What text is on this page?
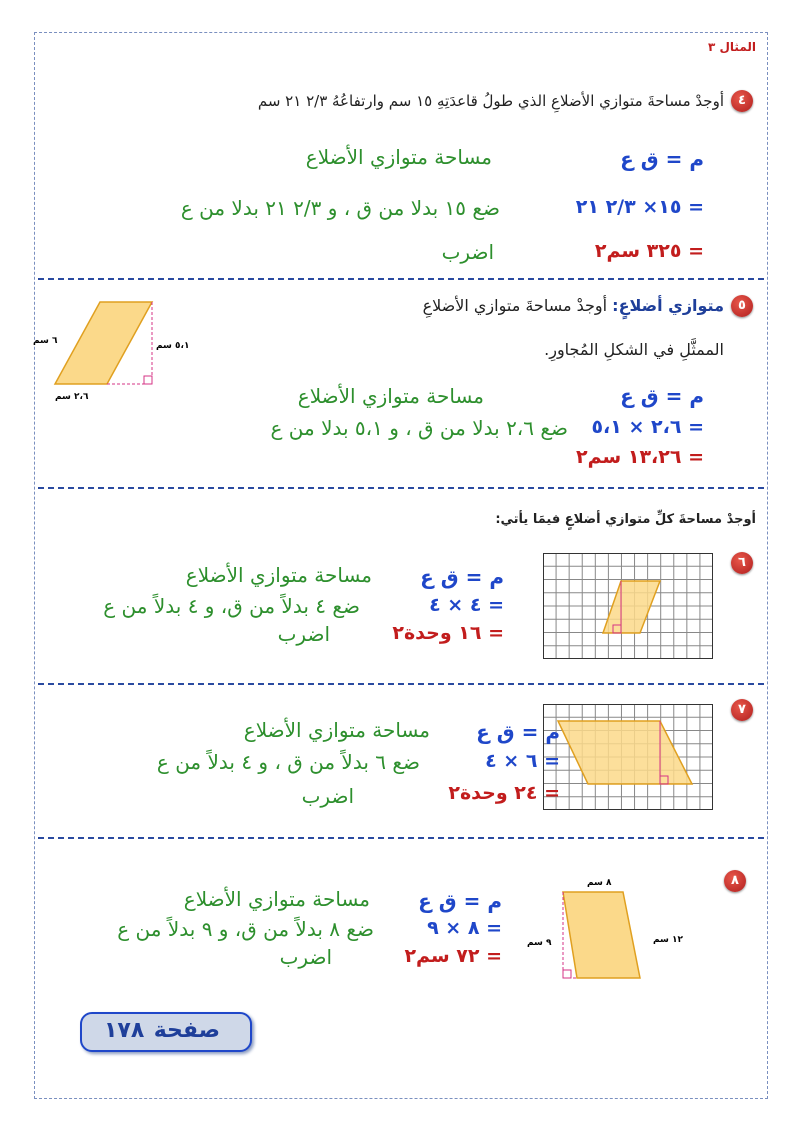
المثال ٣
٤
أوجدْ مساحةَ متوازي الأضلاعِ الذي طولُ قاعدَتِهِ ١٥ سم وارتفاعُهُ ٢/٣ ٢١ سم
م = ق ع
مساحة متوازي الأضلاع
= ١٥× ٢/٣ ٢١
ضع ١٥ بدلا من ق ، و ٢/٣ ٢١ بدلا من ع
= ٣٢٥ سم٢
اضرب
٥
متوازي أضلاعٍ: أوجدْ مساحةَ متوازي الأضلاعِ
الممثَّلِ في الشكلِ المُجاورِ.
٦ سم	٥،١ سم
٢،٦ سم	م = ق ع
مساحة متوازي الأضلاع
= ٢،٦ × ٥،١
ضع ٢،٦ بدلا من ق ، و ٥،١ بدلا من ع
= ١٣،٢٦ سم٢
أوجدْ مساحةَ كلِّ متوازي أضلاعٍ فيمَا يأتي:
٦
م = ق ع
مساحة متوازي الأضلاع
= ٤ × ٤
ضع ٤ بدلاً من ق، و ٤ بدلاً من ع
= ١٦ وحدة٢
اضرب
٧
م = ق ع
مساحة متوازي الأضلاع
= ٦ × ٤
ضع ٦ بدلاً من ق ، و ٤ بدلاً من ع
= ٢٤ وحدة٢
اضرب
٨
٨ سم
١٢ سم
٩ سم
م = ق ع
مساحة متوازي الأضلاع
= ٨ × ٩
ضع ٨ بدلاً من ق، و ٩ بدلاً من ع
= ٧٢ سم٢
اضرب
صفحة
١٧٨
